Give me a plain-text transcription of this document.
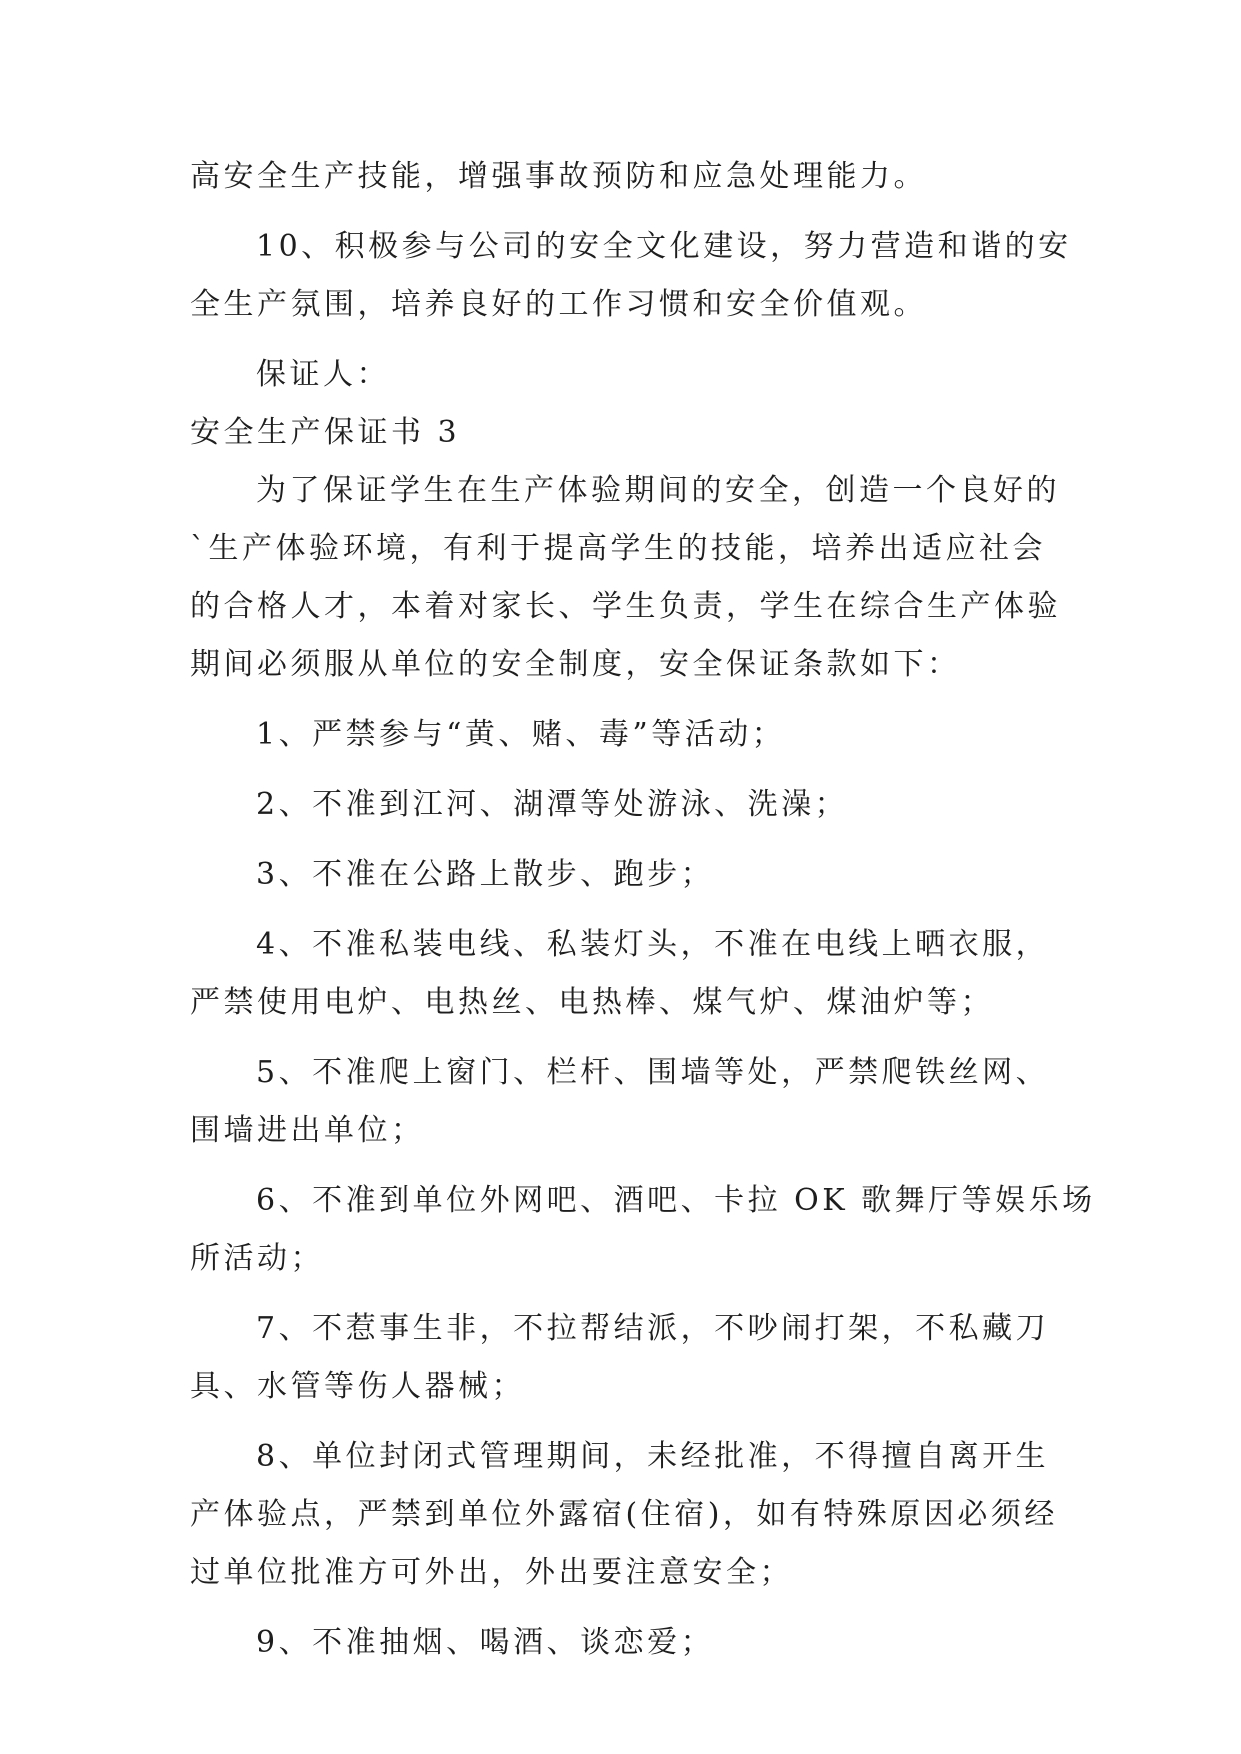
高安全生产技能，增强事故预防和应急处理能力。
10、积极参与公司的安全文化建设，努力营造和谐的安
全生产氛围，培养良好的工作习惯和安全价值观。
保证人：
安全生产保证书 3
为了保证学生在生产体验期间的安全，创造一个良好的
`生产体验环境，有利于提高学生的技能，培养出适应社会
的合格人才，本着对家长、学生负责，学生在综合生产体验
期间必须服从单位的安全制度，安全保证条款如下：
1、严禁参与“黄、赌、毒”等活动；
2、不准到江河、湖潭等处游泳、洗澡；
3、不准在公路上散步、跑步；
4、不准私装电线、私装灯头，不准在电线上晒衣服，
严禁使用电炉、电热丝、电热棒、煤气炉、煤油炉等；
5、不准爬上窗门、栏杆、围墙等处，严禁爬铁丝网、
围墙进出单位；
6、不准到单位外网吧、酒吧、卡拉 OK 歌舞厅等娱乐场
所活动；
7、不惹事生非，不拉帮结派，不吵闹打架，不私藏刀
具、水管等伤人器械；
8、单位封闭式管理期间，未经批准，不得擅自离开生
产体验点，严禁到单位外露宿(住宿)，如有特殊原因必须经
过单位批准方可外出，外出要注意安全；
9、不准抽烟、喝酒、谈恋爱；
